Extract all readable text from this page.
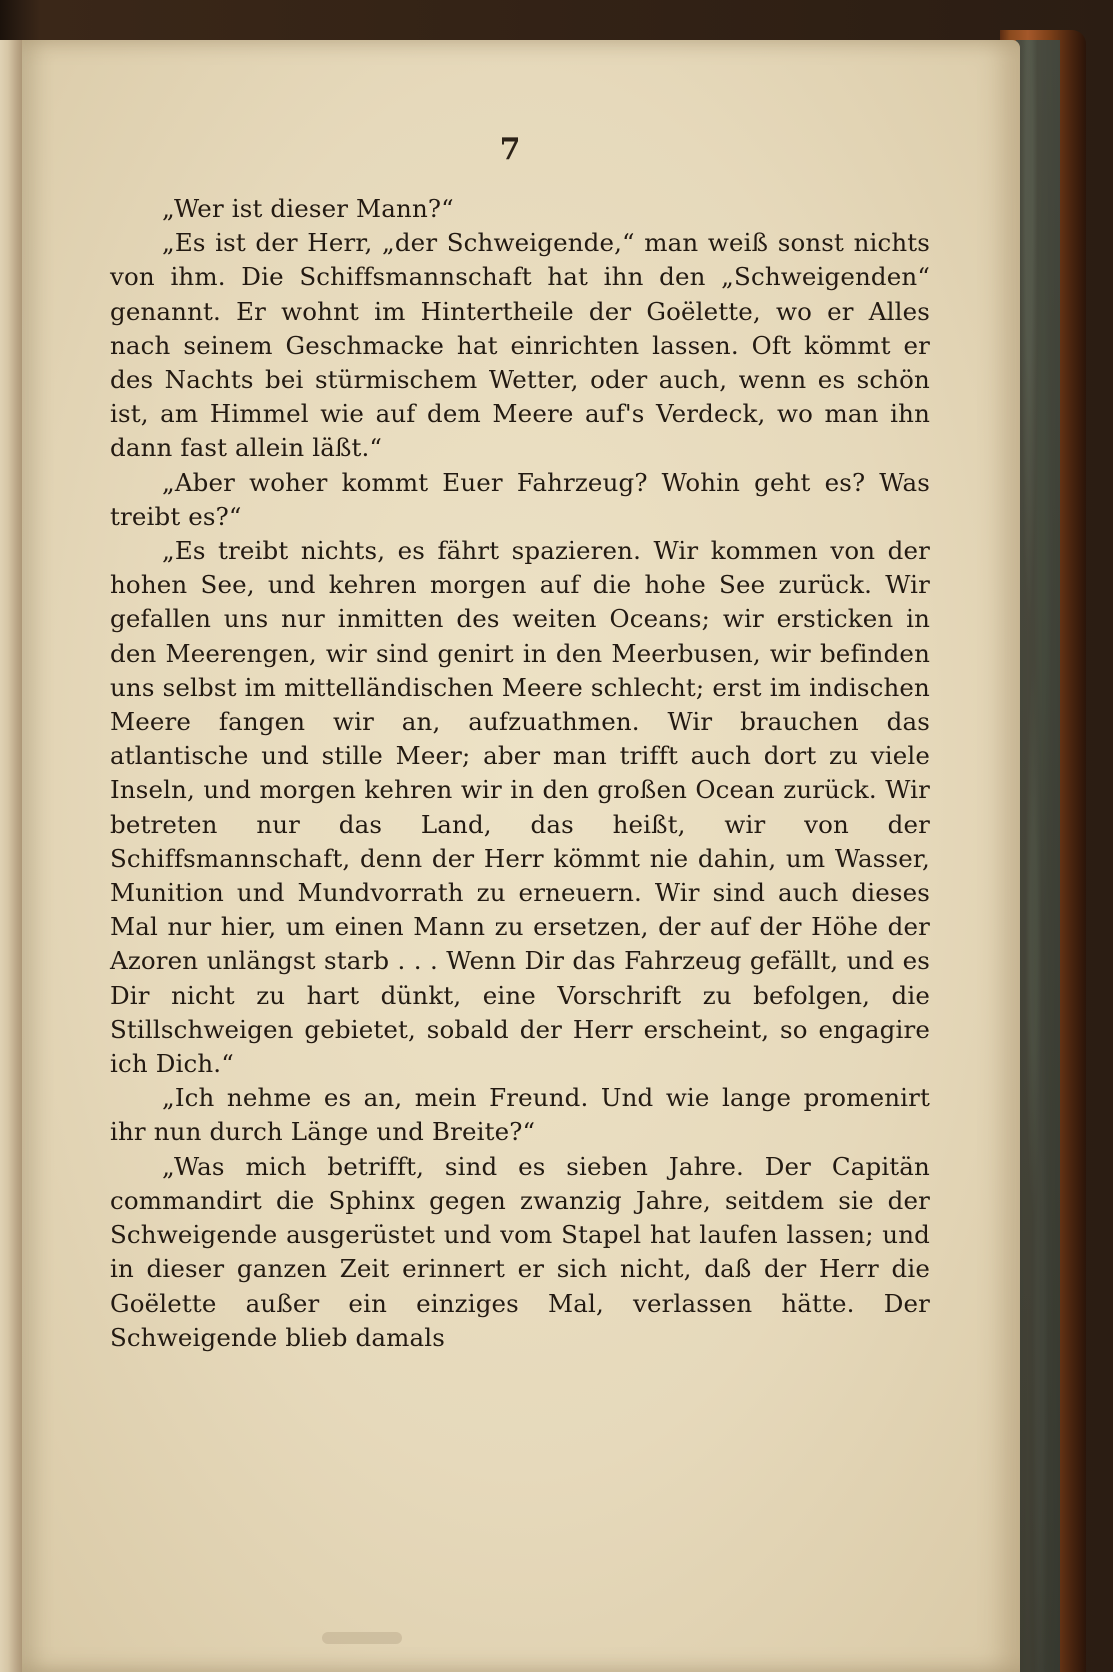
7

„Wer ist dieser Mann?“

„Es ist der Herr, „der Schweigende,“ man weiß sonst nichts von ihm. Die Schiffsmannschaft hat ihn den „Schweigenden“ genannt. Er wohnt im Hintertheile der Goëlette, wo er Alles nach seinem Geschmacke hat einrichten lassen. Oft kömmt er des Nachts bei stürmischem Wetter, oder auch, wenn es schön ist, am Himmel wie auf dem Meere auf's Verdeck, wo man ihn dann fast allein läßt.“

„Aber woher kommt Euer Fahrzeug? Wohin geht es? Was treibt es?“

„Es treibt nichts, es fährt spazieren. Wir kommen von der hohen See, und kehren morgen auf die hohe See zurück. Wir gefallen uns nur inmitten des weiten Oceans; wir ersticken in den Meerengen, wir sind genirt in den Meerbusen, wir befinden uns selbst im mittelländischen Meere schlecht; erst im indischen Meere fangen wir an, aufzuathmen. Wir brauchen das atlantische und stille Meer; aber man trifft auch dort zu viele Inseln, und morgen kehren wir in den großen Ocean zurück. Wir betreten nur das Land, das heißt, wir von der Schiffsmannschaft, denn der Herr kömmt nie dahin, um Wasser, Munition und Mundvorrath zu erneuern. Wir sind auch dieses Mal nur hier, um einen Mann zu ersetzen, der auf der Höhe der Azoren unlängst starb . . . Wenn Dir das Fahrzeug gefällt, und es Dir nicht zu hart dünkt, eine Vorschrift zu befolgen, die Stillschweigen gebietet, sobald der Herr erscheint, so engagire ich Dich.“

„Ich nehme es an, mein Freund. Und wie lange promenirt ihr nun durch Länge und Breite?“

„Was mich betrifft, sind es sieben Jahre. Der Capitän commandirt die Sphinx gegen zwanzig Jahre, seitdem sie der Schweigende ausgerüstet und vom Stapel hat laufen lassen; und in dieser ganzen Zeit erinnert er sich nicht, daß der Herr die Goëlette außer ein einziges Mal, verlassen hätte. Der Schweigende blieb damals
